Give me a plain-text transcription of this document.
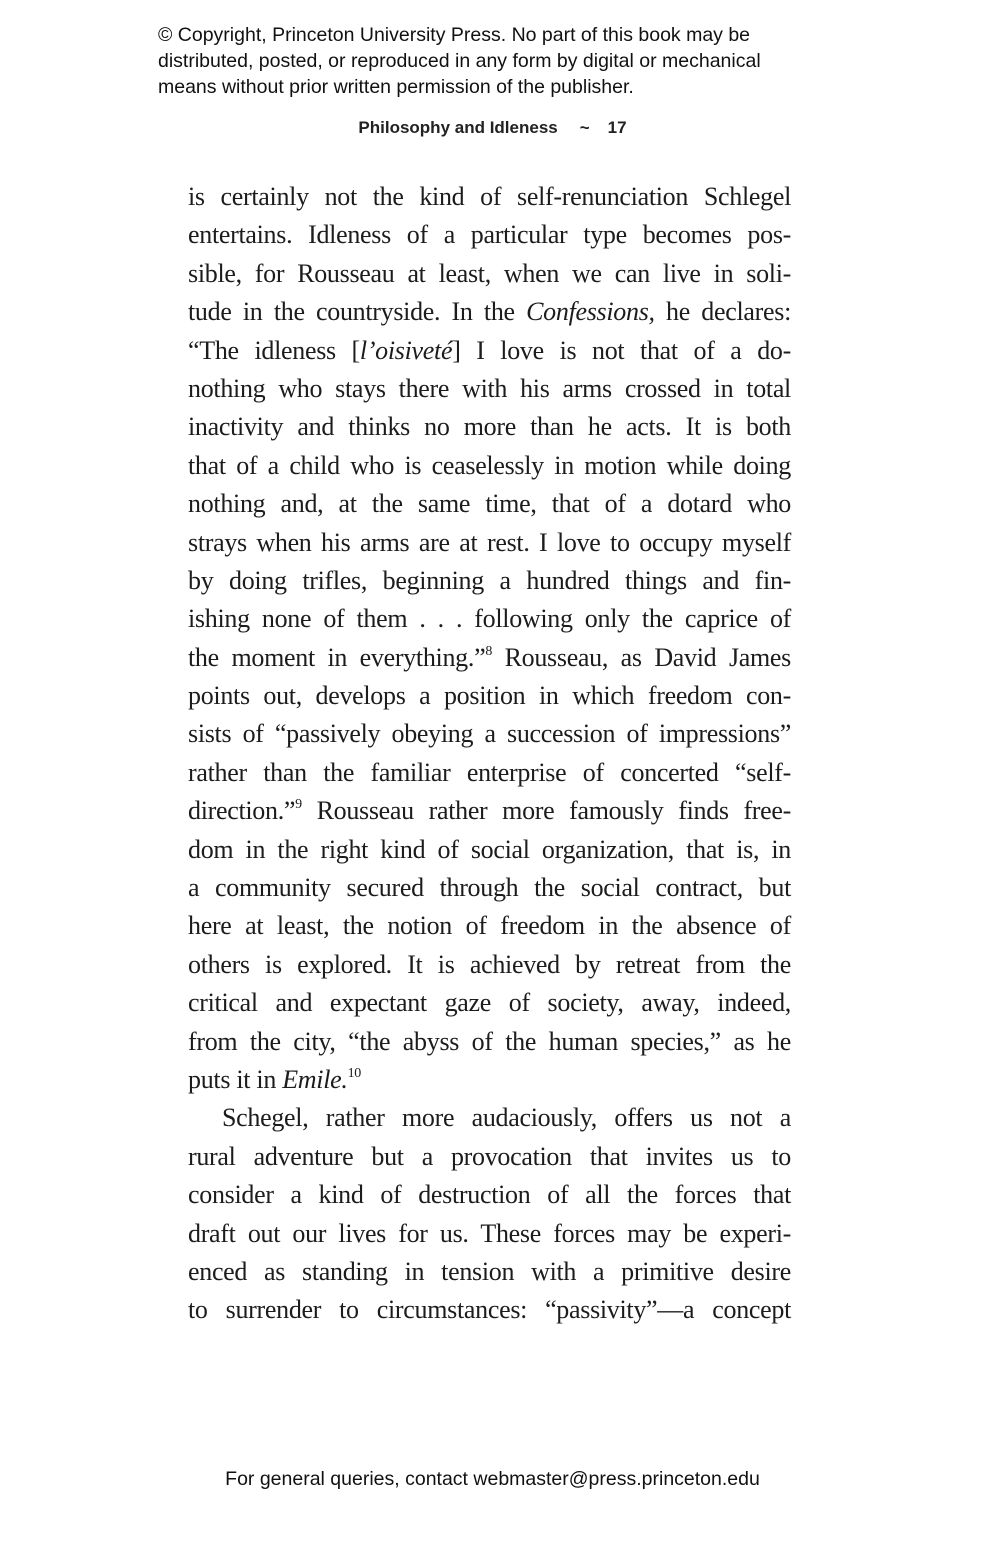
© Copyright, Princeton University Press. No part of this book may be
distributed, posted, or reproduced in any form by digital or mechanical
means without prior written permission of the publisher.
Philosophy and Idleness ~ 17
is certainly not the kind of self-renunciation Schlegel
entertains. Idleness of a particular type becomes pos-
sible, for Rousseau at least, when we can live in soli-
tude in the countryside. In the Confessions, he declares:
“The idleness [l’oisiveté] I love is not that of a do-
nothing who stays there with his arms crossed in total
inactivity and thinks no more than he acts. It is both
that of a child who is ceaselessly in motion while doing
nothing and, at the same time, that of a dotard who
strays when his arms are at rest. I love to occupy myself
by doing trifles, beginning a hundred things and fin-
ishing none of them . . . following only the caprice of
the moment in everything.”$^8$ Rousseau, as David James
points out, develops a position in which freedom con-
sists of “passively obeying a succession of impressions”
rather than the familiar enterprise of concerted “self-
direction.”$^9$ Rousseau rather more famously finds free-
dom in the right kind of social organization, that is, in
a community secured through the social contract, but
here at least, the notion of freedom in the absence of
others is explored. It is achieved by retreat from the
critical and expectant gaze of society, away, indeed,
from the city, “the abyss of the human species,” as he
puts it in Emile.$^{10}$
Schegel, rather more audaciously, offers us not a
rural adventure but a provocation that invites us to
consider a kind of destruction of all the forces that
draft out our lives for us. These forces may be experi-
enced as standing in tension with a primitive desire
to surrender to circumstances: “passivity”—a concept
For general queries, contact webmaster@press.princeton.edu
